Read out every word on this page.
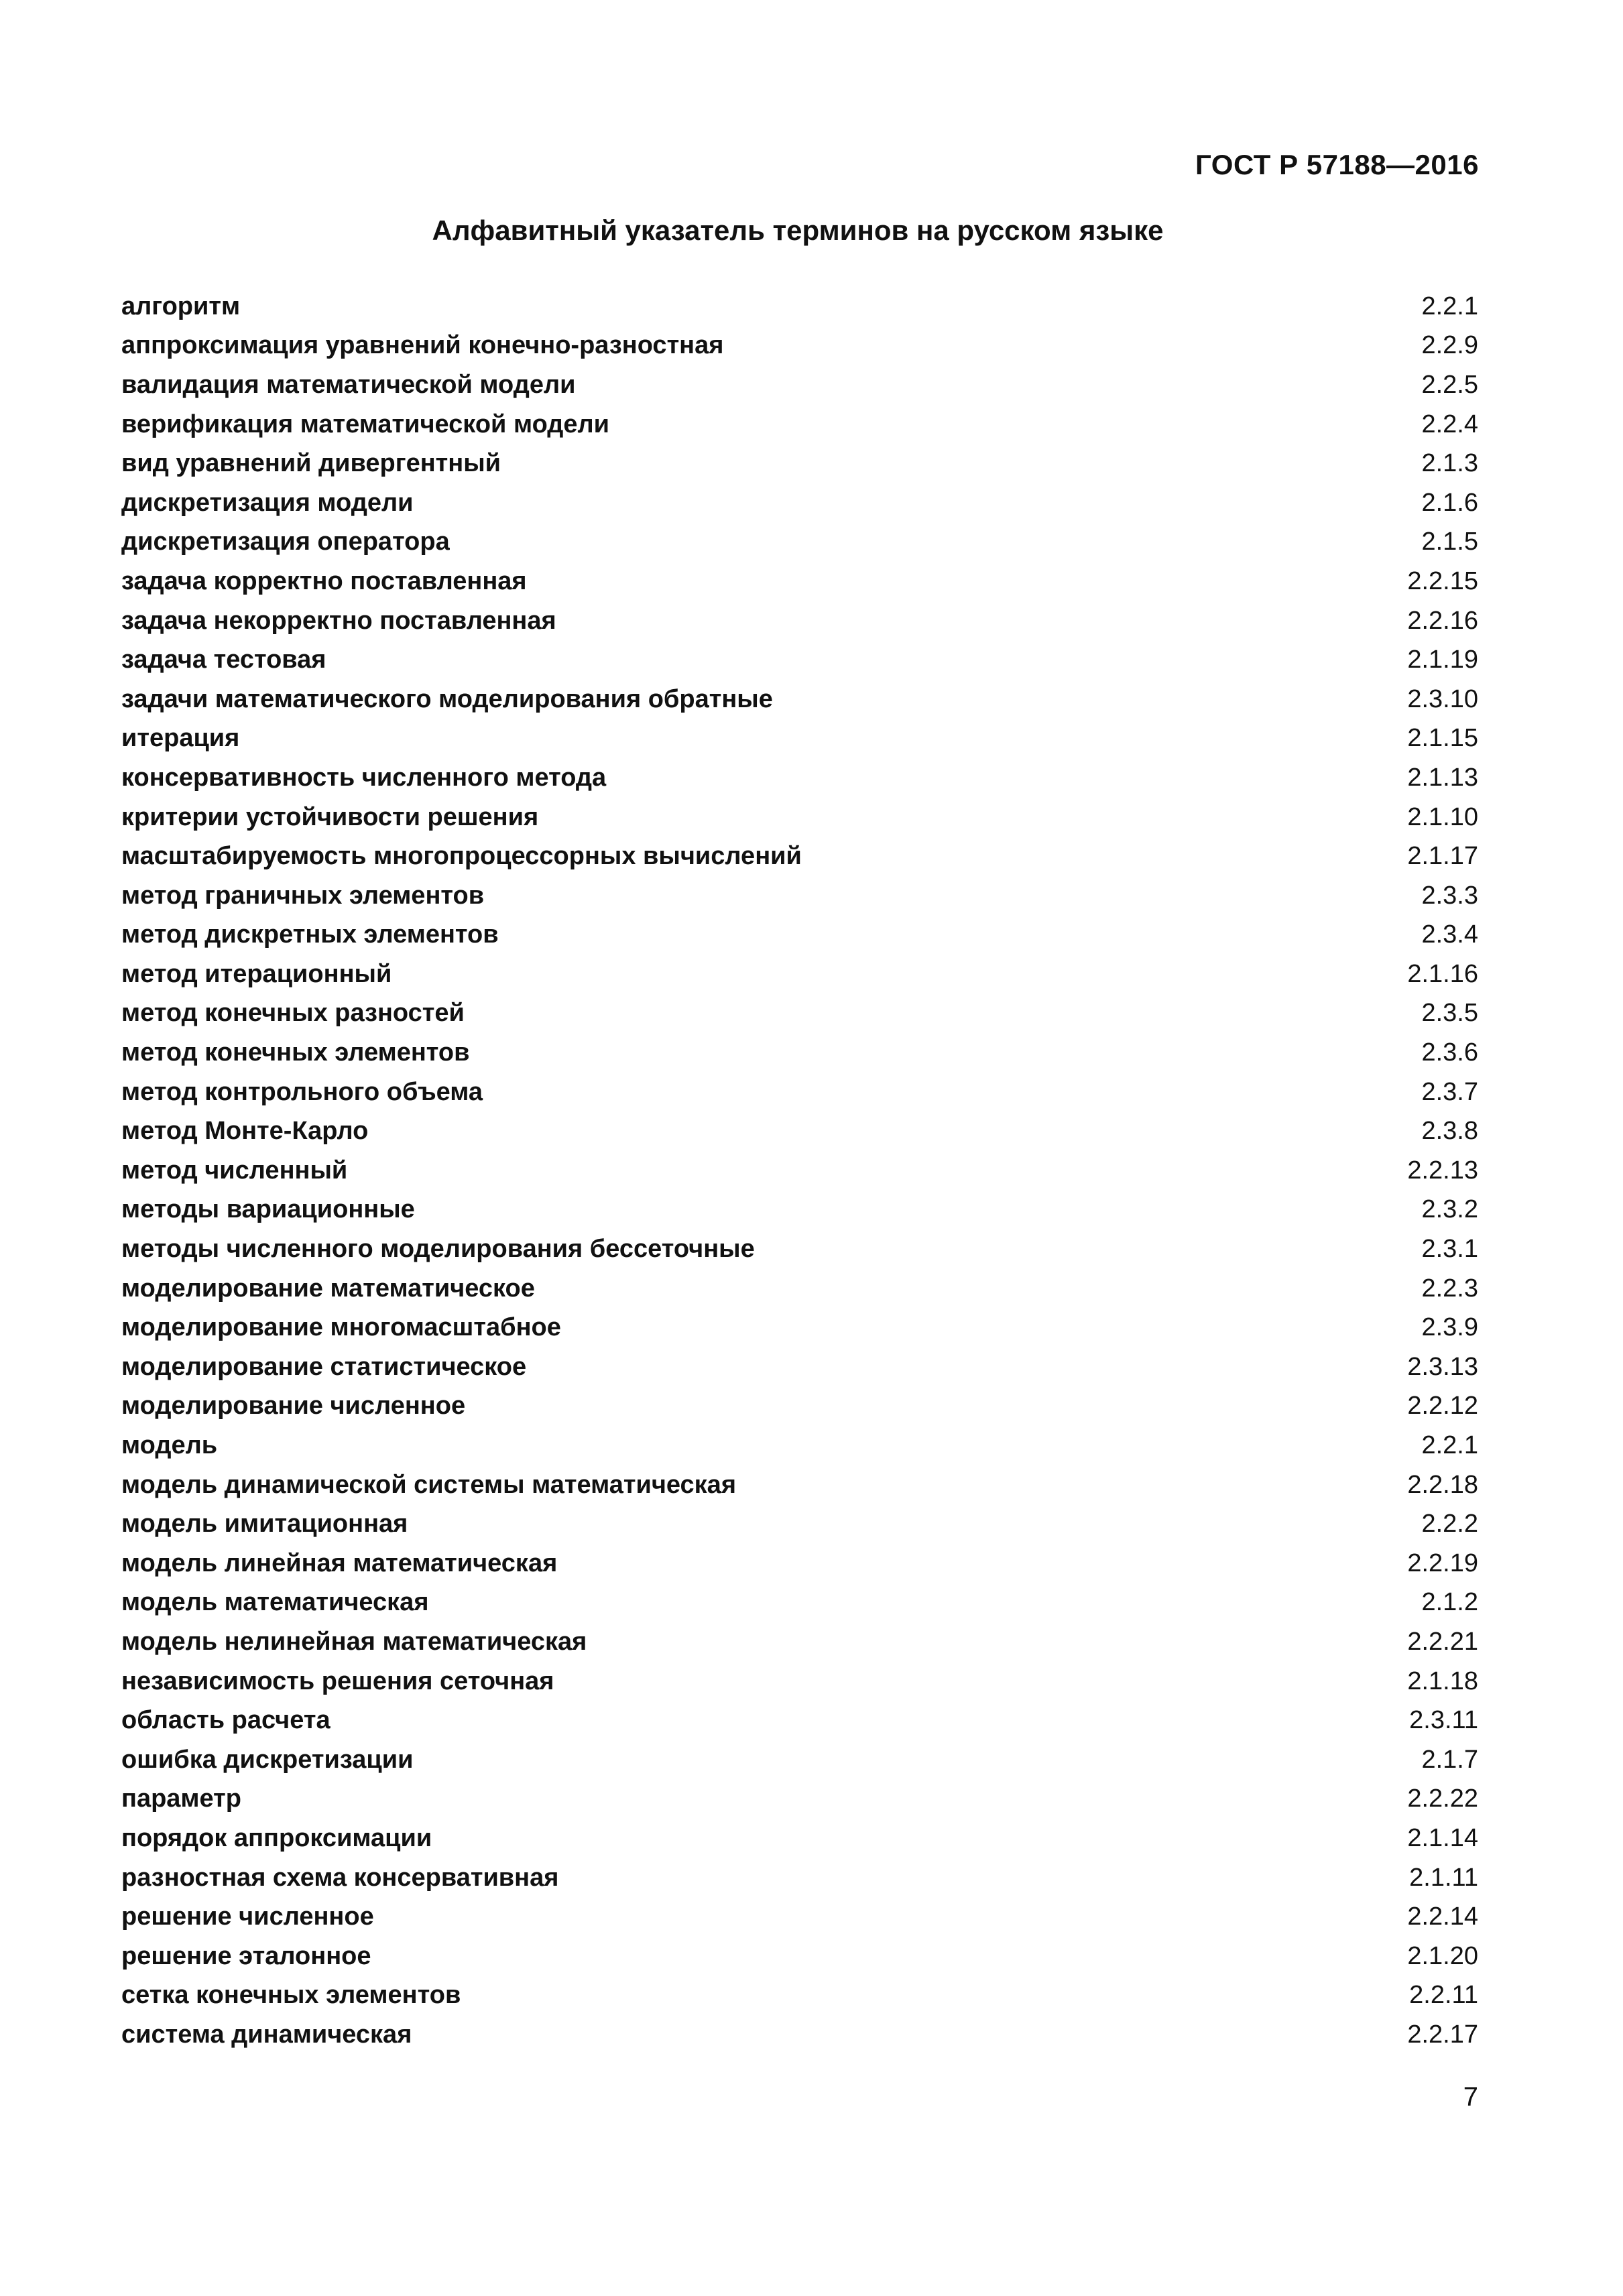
ГОСТ Р 57188—2016
Алфавитный указатель терминов на русском языке
алгоритм	2.2.1
аппроксимация уравнений конечно-разностная	2.2.9
валидация математической модели	2.2.5
верификация математической модели	2.2.4
вид уравнений дивергентный	2.1.3
дискретизация модели	2.1.6
дискретизация оператора	2.1.5
задача корректно поставленная	2.2.15
задача некорректно поставленная	2.2.16
задача тестовая	2.1.19
задачи математического моделирования обратные	2.3.10
итерация	2.1.15
консервативность численного метода	2.1.13
критерии устойчивости решения	2.1.10
масштабируемость многопроцессорных вычислений	2.1.17
метод граничных элементов	2.3.3
метод дискретных элементов	2.3.4
метод итерационный	2.1.16
метод конечных разностей	2.3.5
метод конечных элементов	2.3.6
метод контрольного объема	2.3.7
метод Монте-Карло	2.3.8
метод численный	2.2.13
методы вариационные	2.3.2
методы численного моделирования бессеточные	2.3.1
моделирование математическое	2.2.3
моделирование многомасштабное	2.3.9
моделирование статистическое	2.3.13
моделирование численное	2.2.12
модель	2.2.1
модель динамической системы математическая	2.2.18
модель имитационная	2.2.2
модель линейная математическая	2.2.19
модель математическая	2.1.2
модель нелинейная математическая	2.2.21
независимость решения сеточная	2.1.18
область расчета	2.3.11
ошибка дискретизации	2.1.7
параметр	2.2.22
порядок аппроксимации	2.1.14
разностная схема консервативная	2.1.11
решение численное	2.2.14
решение эталонное	2.1.20
сетка конечных элементов	2.2.11
система динамическая	2.2.17
7
